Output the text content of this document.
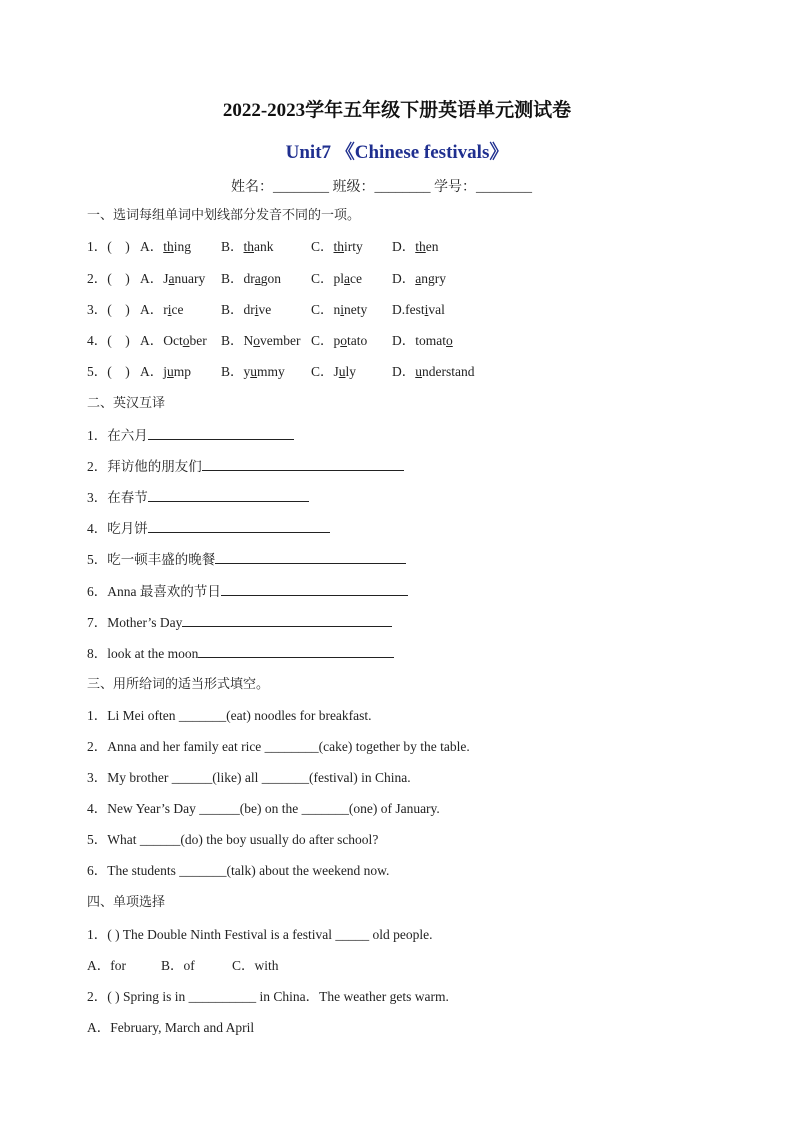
2022-2023学年五年级下册英语单元测试卷
Unit7 《Chinese festivals》
姓名：________ 班级：________ 学号：________
一、选词每组单词中划线部分发音不同的一项。
1．(    ) A．thing B．thank	C．thirty D．then
2．(    ) A．January B．dragon C．place D．angry
3．(    ) A．rice	B．drive	C．ninety D.festival
4．(    ) A．October B．November C．potato D．tomato
5．(    ) A．jump B．yummy C．July	D．understand
二、英汉互译
1．在六月
2．拜访他的朋友们
3．在春节
4．吃月饼
5．吃一顿丰盛的晚餐
6．Anna 最喜欢的节日
7．Mother’s Day
8．look at the moon
三、用所给词的适当形式填空。
1．Li Mei often _______(eat) noodles for breakfast.
2．Anna and her family eat rice ________(cake) together by the table.
3．My brother ______(like) all _______(festival) in China.
4．New Year’s Day ______(be) on the _______(one) of January.
5．What ______(do) the boy usually do after school?
6．The students _______(talk) about the weekend now.
四、单项选择
1．( ) The Double Ninth Festival is a festival _____ old people.
A．for	B．of	C．with
2．( ) Spring is in __________ in China．The weather gets warm.
A．February, March and April
